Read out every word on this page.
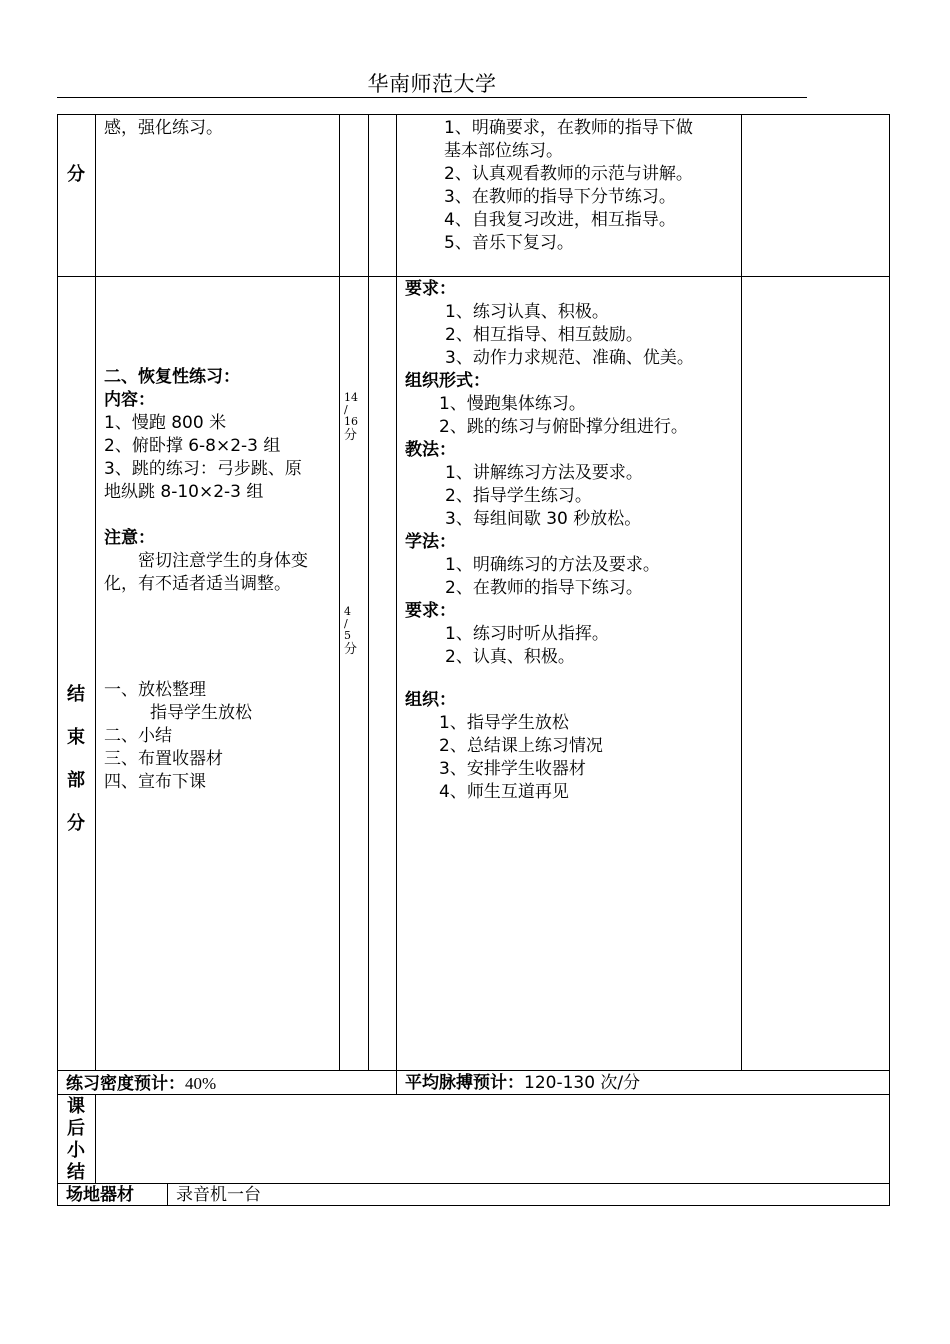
华南师范大学
分
感，强化练习。	1、明确要求，在教师的指导下做
基本部位练习。
2、认真观看教师的示范与讲解。
3、在教师的指导下分节练习。
4、自我复习改进，相互指导。
5、音乐下复习。
结
束
部
分
二、恢复性练习：
内容：
1、慢跑 800 米
2、俯卧撑 6-8×2-3 组
3、跳的练习：弓步跳、原
地纵跳 8-10×2-3 组
注意：
密切注意学生的身体变
化，有不适者适当调整。
一、放松整理
指导学生放松
二、小结
三、布置收器材
四、宣布下课
14
/
16
分
4
/
5
分
要求：
1、练习认真、积极。
2、相互指导、相互鼓励。
3、动作力求规范、准确、优美。
组织形式：
1、慢跑集体练习。
2、跳的练习与俯卧撑分组进行。
教法：
1、讲解练习方法及要求。
2、指导学生练习。
3、每组间歇 30 秒放松。
学法：
1、明确练习的方法及要求。
2、在教师的指导下练习。
要求：
1、练习时听从指挥。
2、认真、积极。
组织：
1、指导学生放松
2、总结课上练习情况
3、安排学生收器材
4、师生互道再见
练习密度预计：40%	平均脉搏预计：120-130 次/分
课
后
小
结
场地器材 录音机一台
